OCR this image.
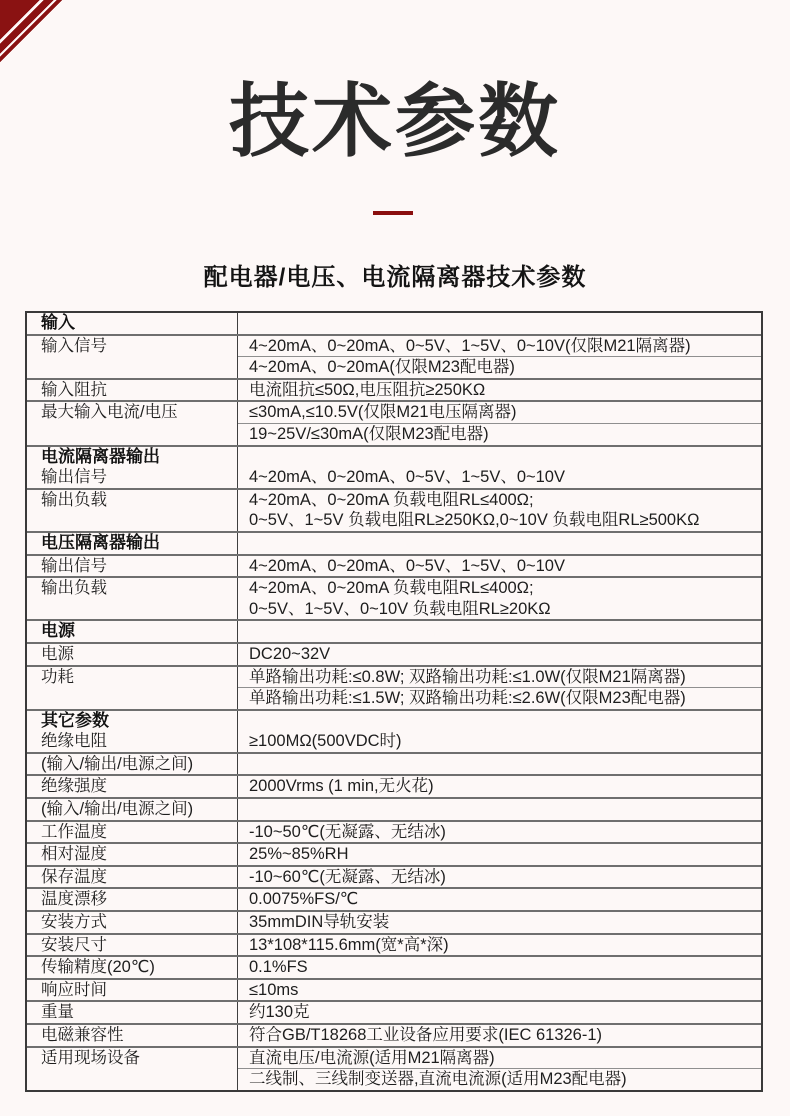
技术参数
配电器/电压、电流隔离器技术参数
输入
输入信号	4~20mA、0~20mA、0~5V、1~5V、0~10V(仅限M21隔离器)
4~20mA、0~20mA(仅限M23配电器)
输入阻抗	电流阻抗≤50Ω,电压阻抗≥250KΩ
最大输入电流/电压	≤30mA,≤10.5V(仅限M21电压隔离器)
19~25V/≤30mA(仅限M23配电器)
电流隔离器输出
输出信号	4~20mA、0~20mA、0~5V、1~5V、0~10V
输出负载	4~20mA、0~20mA 负载电阻RL≤400Ω;
0~5V、1~5V 负载电阻RL≥250KΩ,0~10V 负载电阻RL≥500KΩ
电压隔离器输出
输出信号	4~20mA、0~20mA、0~5V、1~5V、0~10V
输出负载	4~20mA、0~20mA 负载电阻RL≤400Ω;
0~5V、1~5V、0~10V 负载电阻RL≥20KΩ
电源
电源	DC20~32V
功耗	单路输出功耗:≤0.8W; 双路输出功耗:≤1.0W(仅限M21隔离器)
单路输出功耗:≤1.5W; 双路输出功耗:≤2.6W(仅限M23配电器)
其它参数
绝缘电阻	≥100MΩ(500VDC时)
(输入/输出/电源之间)
绝缘强度	2000Vrms (1 min,无火花)
(输入/输出/电源之间)
工作温度	-10~50℃(无凝露、无结冰)
相对湿度	25%~85%RH
保存温度	-10~60℃(无凝露、无结冰)
温度漂移	0.0075%FS/℃
安装方式	35mmDIN导轨安装
安装尺寸	13*108*115.6mm(宽*高*深)
传输精度(20℃)	0.1%FS
响应时间	≤10ms
重量	约130克
电磁兼容性	符合GB/T18268工业设备应用要求(IEC 61326-1)
适用现场设备	直流电压/电流源(适用M21隔离器)
二线制、三线制变送器,直流电流源(适用M23配电器)
